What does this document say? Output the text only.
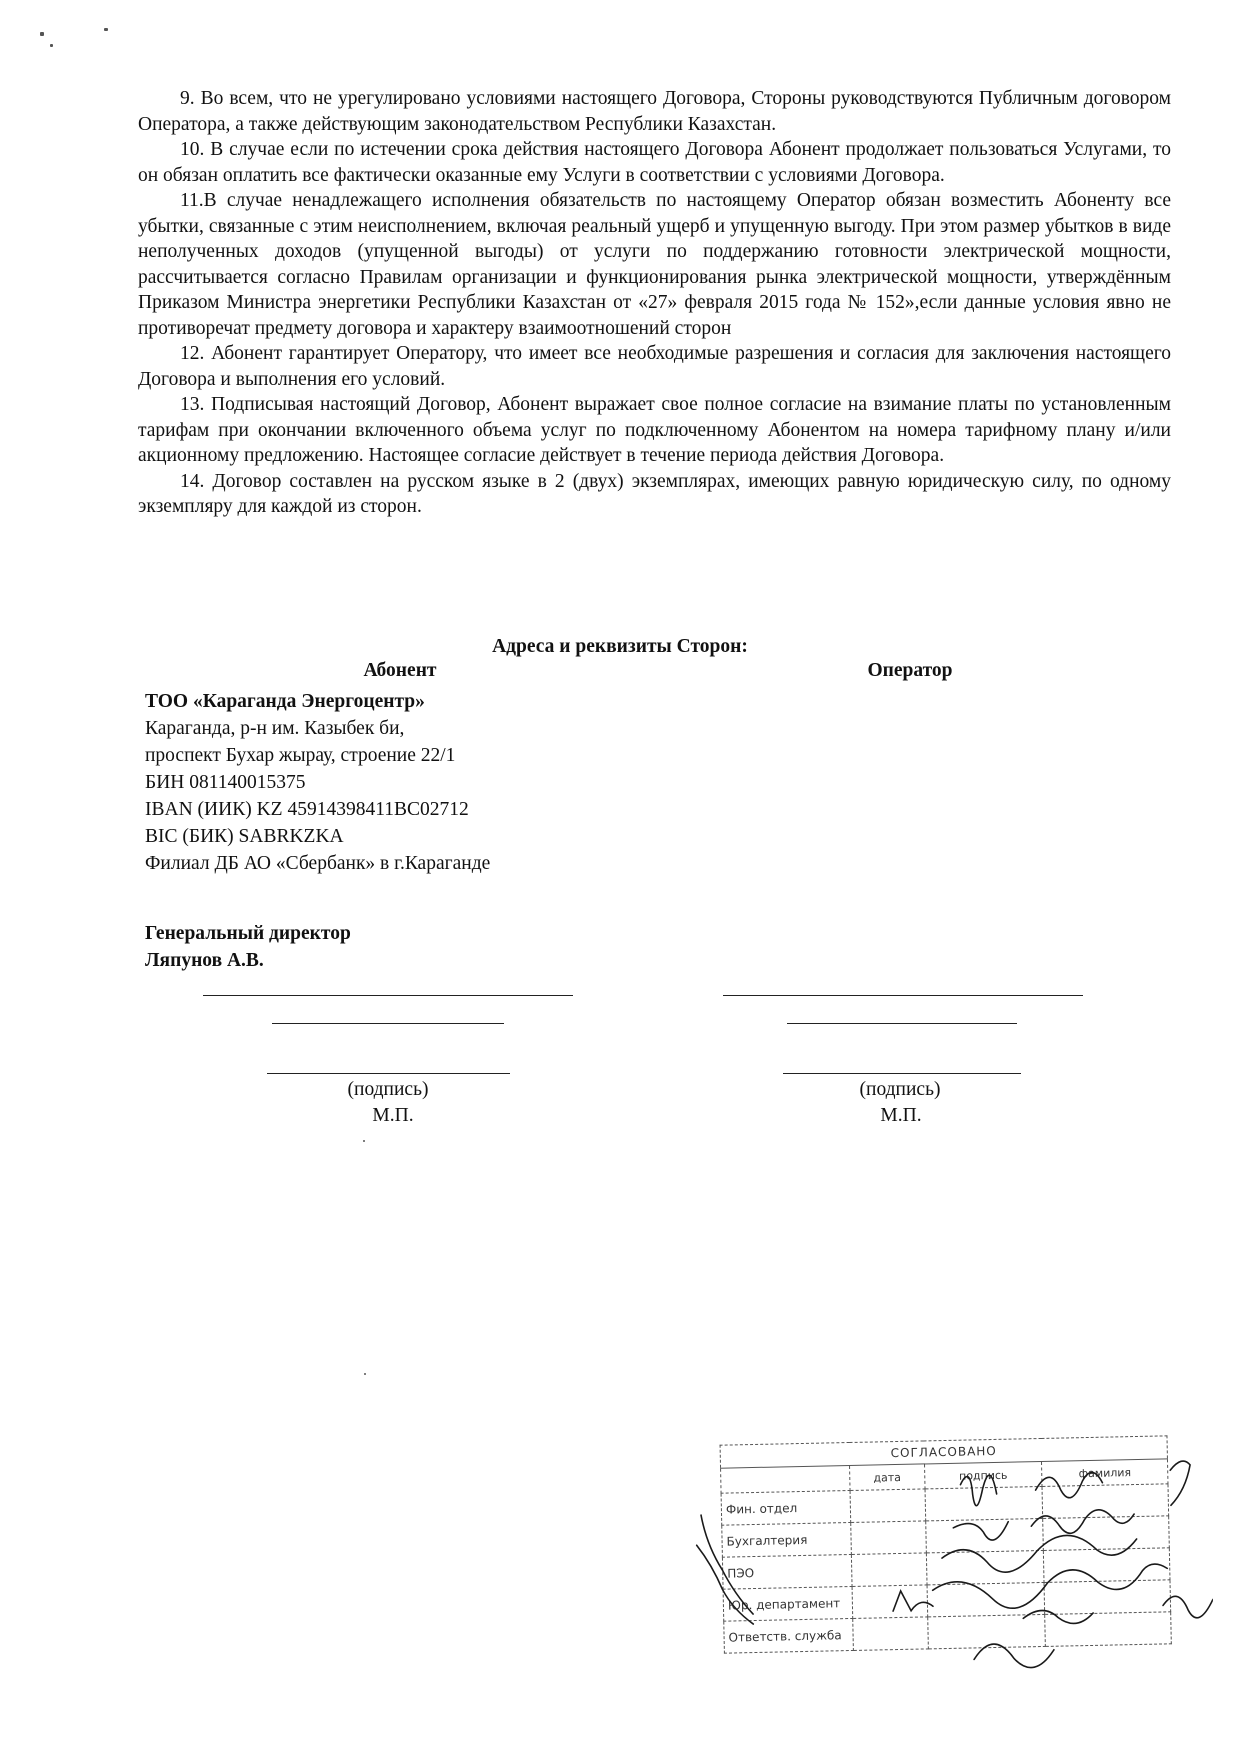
9. Во всем, что не урегулировано условиями настоящего Договора, Стороны руководствуются Публичным договором Оператора, а также действующим законодательством Республики Казахстан.

10. В случае если по истечении срока действия настоящего Договора Абонент продолжает пользоваться Услугами, то он обязан оплатить все фактически оказанные ему Услуги в соответствии с условиями Договора.

11.В случае ненадлежащего исполнения обязательств по настоящему Оператор обязан возместить Абоненту все убытки, связанные с этим неисполнением, включая реальный ущерб и упущенную выгоду. При этом размер убытков в виде неполученных доходов (упущенной выгоды) от услуги по поддержанию готовности электрической мощности, рассчитывается согласно Правилам организации и функционирования рынка электрической мощности, утверждённым Приказом Министра энергетики Республики Казахстан от «27» февраля 2015 года № 152»,если данные условия явно не противоречат предмету договора и характеру взаимоотношений сторон

12. Абонент гарантирует Оператору, что имеет все необходимые разрешения и согласия для заключения настоящего Договора и выполнения его условий.

13. Подписывая настоящий Договор, Абонент выражает свое полное согласие на взимание платы по установленным тарифам при окончании включенного объема услуг по подключенному Абонентом на номера тарифному плану и/или акционному предложению. Настоящее согласие действует в течение периода действия Договора.

14. Договор составлен на русском языке в 2 (двух) экземплярах, имеющих равную юридическую силу, по одному экземпляру для каждой из сторон.

Адреса и реквизиты Сторон:
Абонент	Оператор
ТОО «Караганда Энергоцентр»
Караганда, р-н им. Казыбек би,
проспект Бухар жырау, строение 22/1
БИН 081140015375
IBAN (ИИК) KZ 45914398411BC02712
BIC (БИК) SABRKZKA
Филиал ДБ АО «Сбербанк» в г.Караганде
Генеральный директор
Ляпунов А.В.
(подпись)
М.П.
(подпись)
М.П.
СОГЛАСОВАНО			
	дата	подпись	фамилия
Фин. отдел			
Бухгалтерия			
ПЭО			
Юр. департамент			
Ответств. служба			
